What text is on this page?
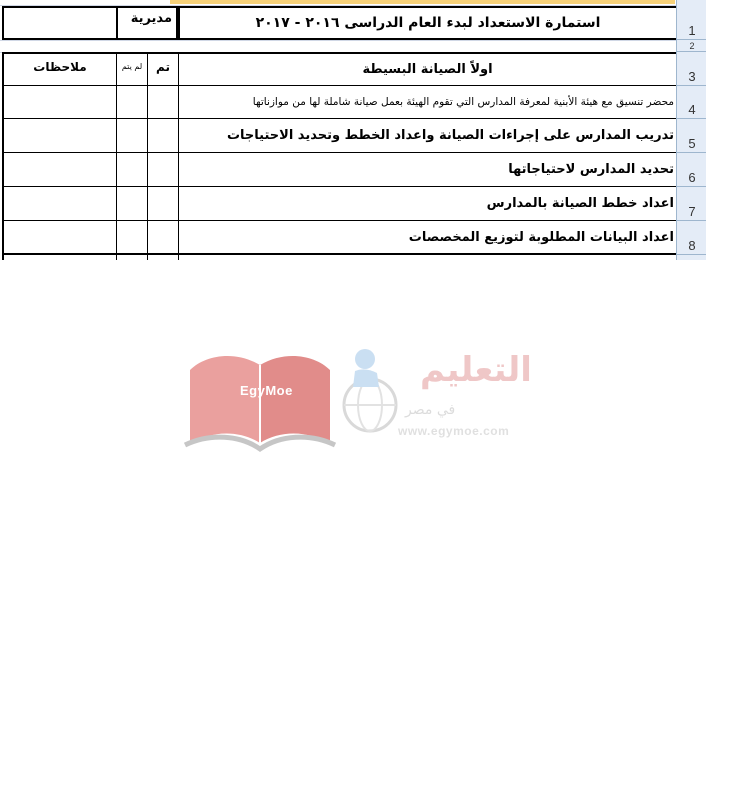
استمارة الاستعداد لبدء العام الدراسى ٢٠١٦ - ٢٠١٧
مديرية
اولاً الصيانة البسيطة
تم
لم يتم
ملاحظات
محضر تنسيق مع هيئة الأبنية لمعرفة المدارس التي تقوم الهيئة بعمل صيانة شاملة لها من موازناتها
تدريب المدارس على إجراءات الصيانة واعداد الخطط وتحديد الاحتياجات
تحديد المدارس لاحتياجاتها
اعداد خطط الصيانة بالمدارس
اعداد البيانات المطلوبة لتوزيع المخصصات
1
2
3
4
5
6
7
8
EgyMoe
التعليم
في مصر
www.egymoe.com
